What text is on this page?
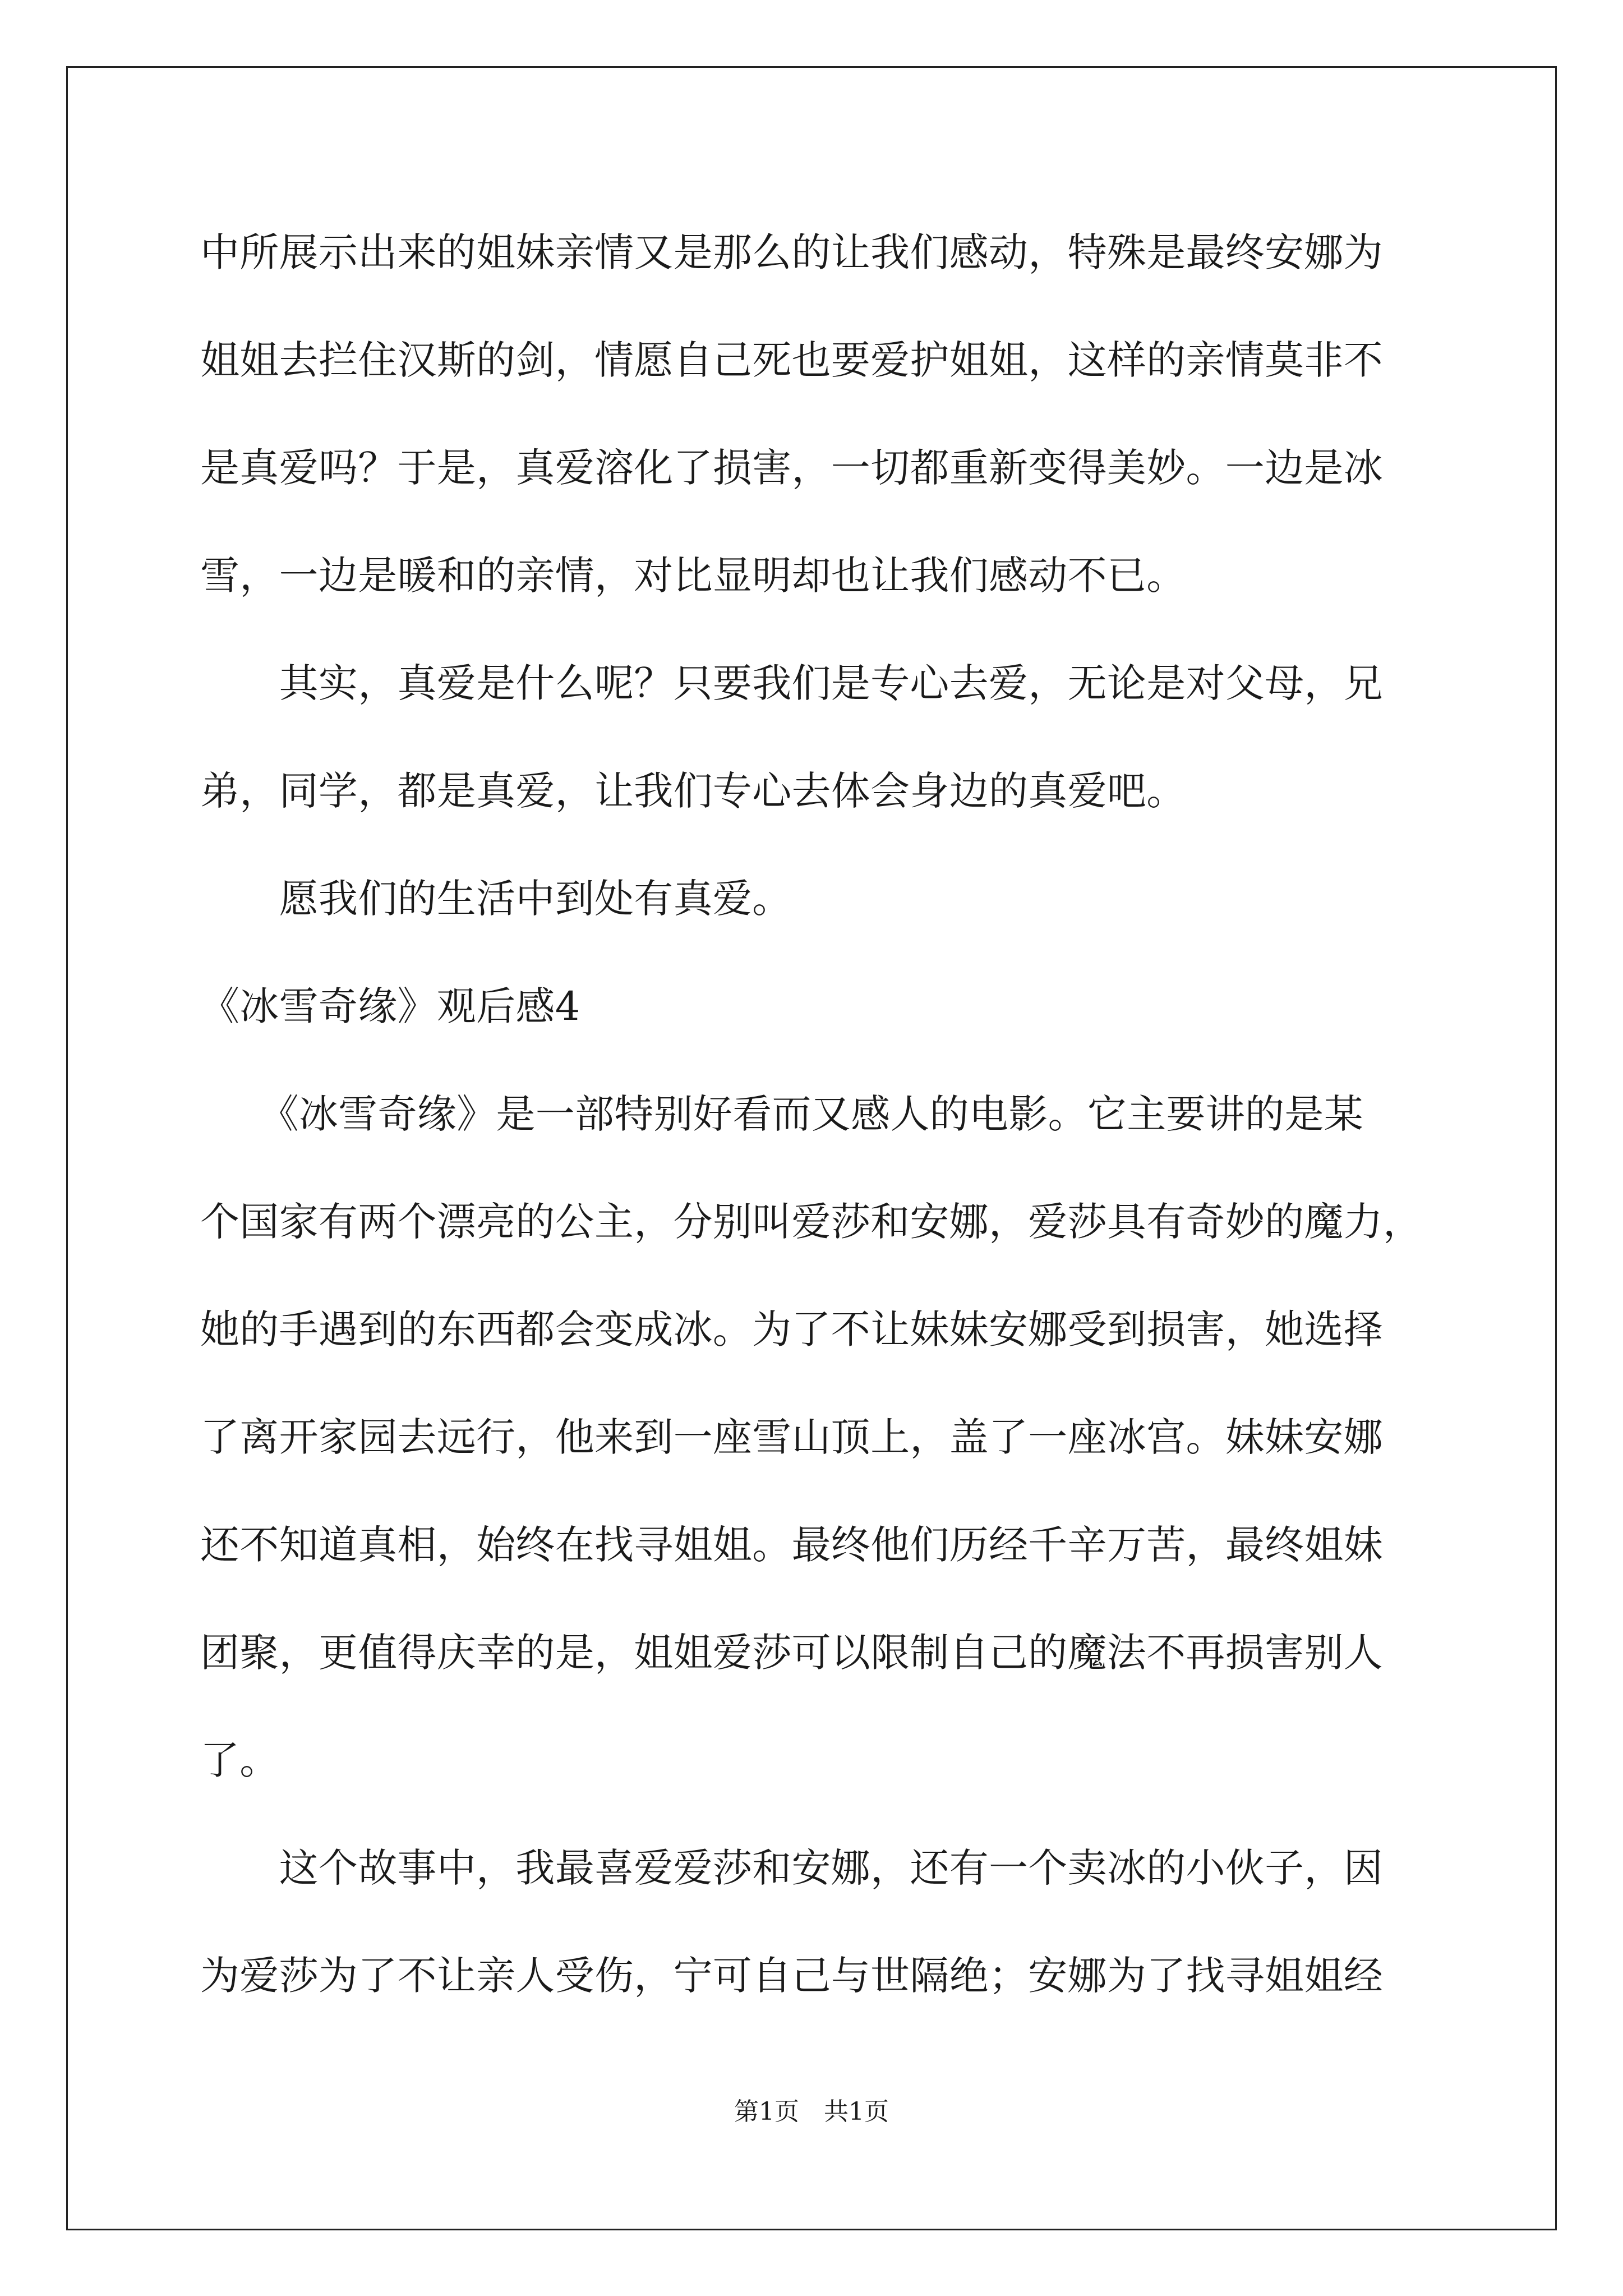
中所展示出来的姐妹亲情又是那么的让我们感动，特殊是最终安娜为
姐姐去拦住汉斯的剑，情愿自己死也要爱护姐姐，这样的亲情莫非不
是真爱吗？于是，真爱溶化了损害，一切都重新变得美妙。一边是冰
雪，一边是暖和的亲情，对比显明却也让我们感动不已。
　　其实，真爱是什么呢？只要我们是专心去爱，无论是对父母，兄
弟，同学，都是真爱，让我们专心去体会身边的真爱吧。
　　愿我们的生活中到处有真爱。
《冰雪奇缘》观后感4
　　《冰雪奇缘》是一部特别好看而又感人的电影。它主要讲的是某
个国家有两个漂亮的公主，分别叫爱莎和安娜，爱莎具有奇妙的魔力，
她的手遇到的东西都会变成冰。为了不让妹妹安娜受到损害，她选择
了离开家园去远行，他来到一座雪山顶上，盖了一座冰宫。妹妹安娜
还不知道真相，始终在找寻姐姐。最终他们历经千辛万苦，最终姐妹
团聚，更值得庆幸的是，姐姐爱莎可以限制自己的魔法不再损害别人
了。
　　这个故事中，我最喜爱爱莎和安娜，还有一个卖冰的小伙子，因
为爱莎为了不让亲人受伤，宁可自己与世隔绝；安娜为了找寻姐姐经
第1页　共1页
